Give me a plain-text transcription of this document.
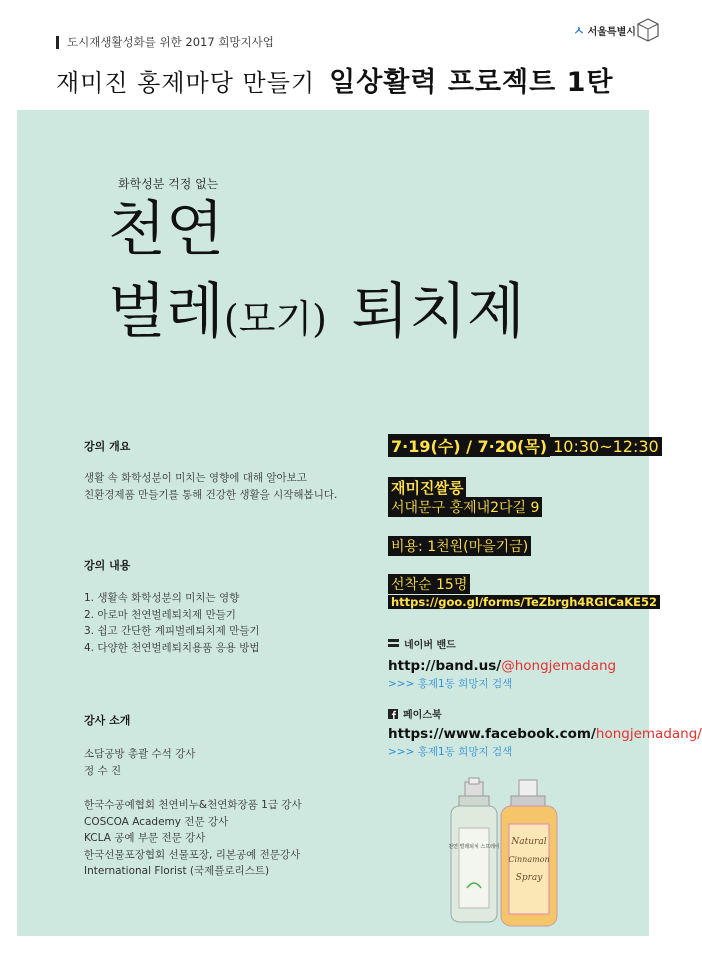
도시재생활성화를 위한 2017 희망지사업
ㅅ 서울특별시
재미진 홍제마당 만들기 일상활력 프로젝트 1탄
화학성분 걱정 없는
천연
벌레(모기) 퇴치제
강의 개요
생활 속 화학성분이 미치는 영향에 대해 알아보고
친환경제품 만들기를 통해 건강한 생활을 시작해봅니다.
강의 내용
1. 생활속 화학성분의 미치는 영향
2. 아로마 천연벌레퇴치제 만들기
3. 쉽고 간단한 계피벌레퇴치제 만들기
4. 다양한 천연벌레퇴치용품 응용 방법
강사 소개
소담공방 총괄 수석 강사
정 수 진
한국수공예협회 천연비누&천연화장품 1급 강사
COSCOA Academy 전문 강사
KCLA 공예 부문 전문 강사
한국선물포장협회 선물포장, 리본공예 전문강사
International Florist (국제플로리스트)
7·19(수) / 7·20(목) 10:30~12:30
재미진쌀롱
서대문구 홍제내2다길 9
비용: 1천원(마을기금)
선착순 15명
https://goo.gl/forms/TeZbrgh4RGICaKE52
네이버 밴드
http://band.us/@hongjemadang
>>> 홍제1동 희망지 검색
페이스북
https://www.facebook.com/hongjemadang/
>>> 홍제1동 희망지 검색
천연 벌레퇴치 스프레이 Natural
Cinnamon
Spray
